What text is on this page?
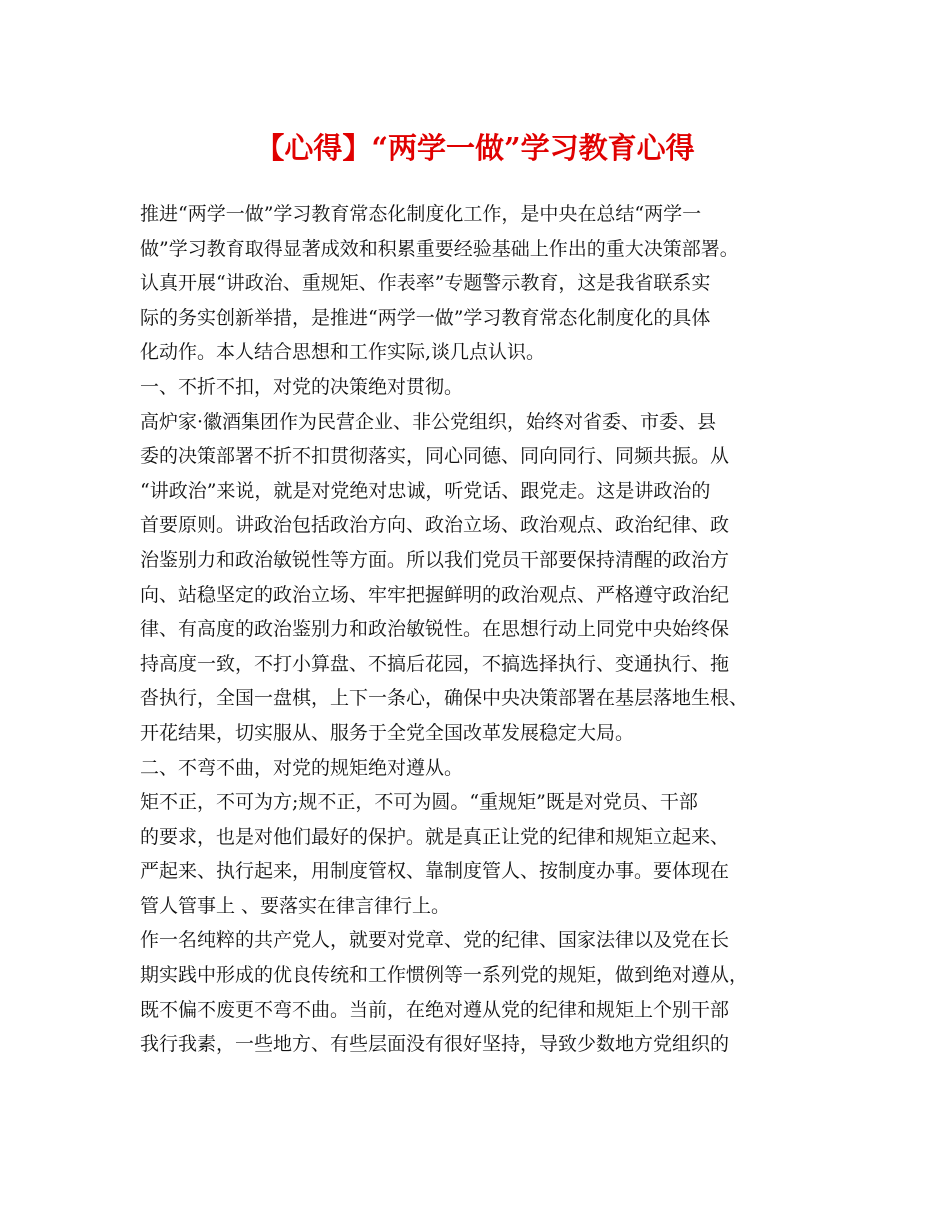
【心得】“两学一做”学习教育心得

推进“两学一做”学习教育常态化制度化工作，是中央在总结“两学一

做”学习教育取得显著成效和积累重要经验基础上作出的重大决策部署。

认真开展“讲政治、重规矩、作表率”专题警示教育，这是我省联系实

际的务实创新举措，是推进“两学一做”学习教育常态化制度化的具体

化动作。本人结合思想和工作实际,谈几点认识。

一、不折不扣，对党的决策绝对贯彻。

高炉家·徽酒集团作为民营企业、非公党组织，始终对省委、市委、县

委的决策部署不折不扣贯彻落实，同心同德、同向同行、同频共振。从

“讲政治”来说，就是对党绝对忠诚，听党话、跟党走。这是讲政治的

首要原则。讲政治包括政治方向、政治立场、政治观点、政治纪律、政

治鉴别力和政治敏锐性等方面。所以我们党员干部要保持清醒的政治方

向、站稳坚定的政治立场、牢牢把握鲜明的政治观点、严格遵守政治纪

律、有高度的政治鉴别力和政治敏锐性。在思想行动上同党中央始终保

持高度一致，不打小算盘、不搞后花园，不搞选择执行、变通执行、拖

沓执行，全国一盘棋，上下一条心，确保中央决策部署在基层落地生根、

开花结果，切实服从、服务于全党全国改革发展稳定大局。

二、不弯不曲，对党的规矩绝对遵从。

矩不正，不可为方;规不正，不可为圆。“重规矩”既是对党员、干部

的要求，也是对他们最好的保护。就是真正让党的纪律和规矩立起来、

严起来、执行起来，用制度管权、靠制度管人、按制度办事。要体现在

管人管事上 、要落实在律言律行上。

作一名纯粹的共产党人，就要对党章、党的纪律、国家法律以及党在长

期实践中形成的优良传统和工作惯例等一系列党的规矩，做到绝对遵从，

既不偏不废更不弯不曲。当前，在绝对遵从党的纪律和规矩上个别干部

我行我素，一些地方、有些层面没有很好坚持，导致少数地方党组织的
